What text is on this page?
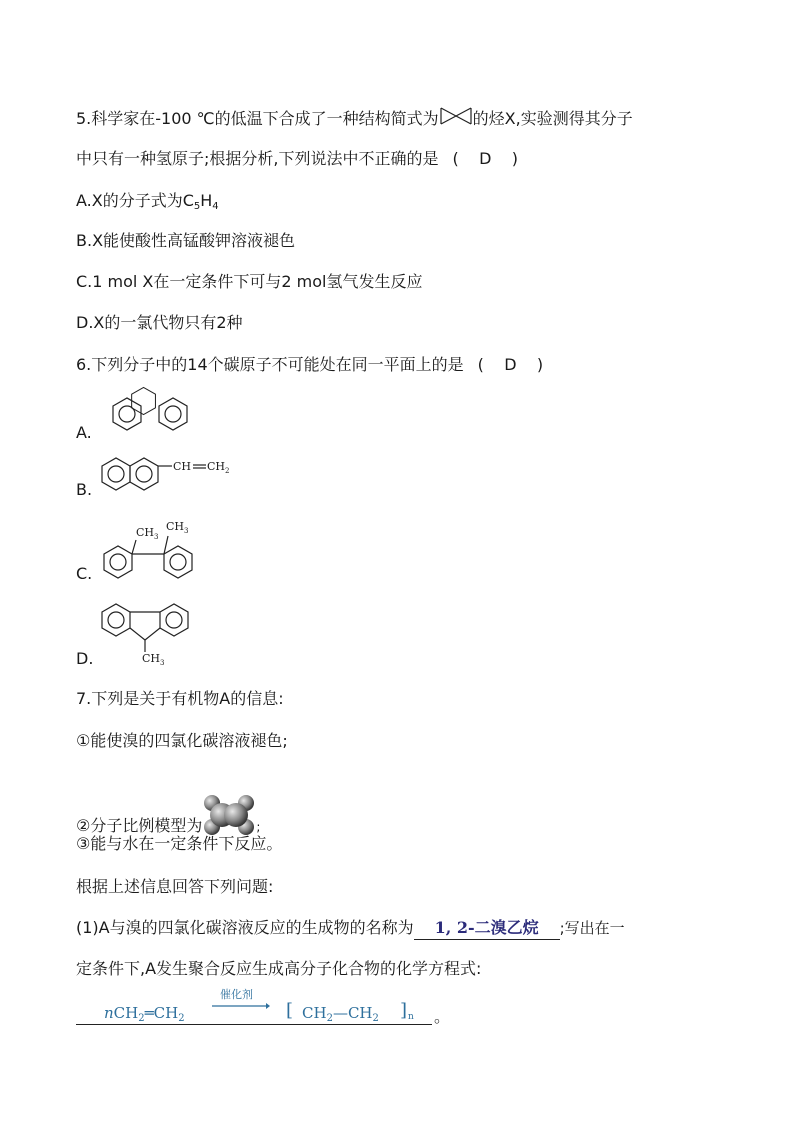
5.科学家在-100 ℃的低温下合成了一种结构简式为 的烃X,实验测得其分子
中只有一种氢原子;根据分析,下列说法中不正确的是 ( D )
A.X的分子式为$C_5H_4$
B.X能使酸性高锰酸钾溶液褪色
C.1 mol X在一定条件下可与2 mol氢气发生反应
D.X的一氯代物只有2种
6.下列分子中的14个碳原子不可能处在同一平面上的是 ( D )
A.
B.
CH $CH_2$
C.
$CH_3$
$CH_3$
D.	$CH_3$
7.下列是关于有机物A的信息:
①能使溴的四氯化碳溶液褪色;
②分子比例模型为	;
③能与水在一定条件下反应。
根据上述信息回答下列问题:
(1)A与溴的四氯化碳溶液反应的生成物的名称为 1, 2-二溴乙烷 ;写出在一
定条件下,A发生聚合反应生成高分子化合物的化学方程式:
$nCH_2═CH_2$
催化剂
→ [ $CH_2—CH_2$ ] n 。
